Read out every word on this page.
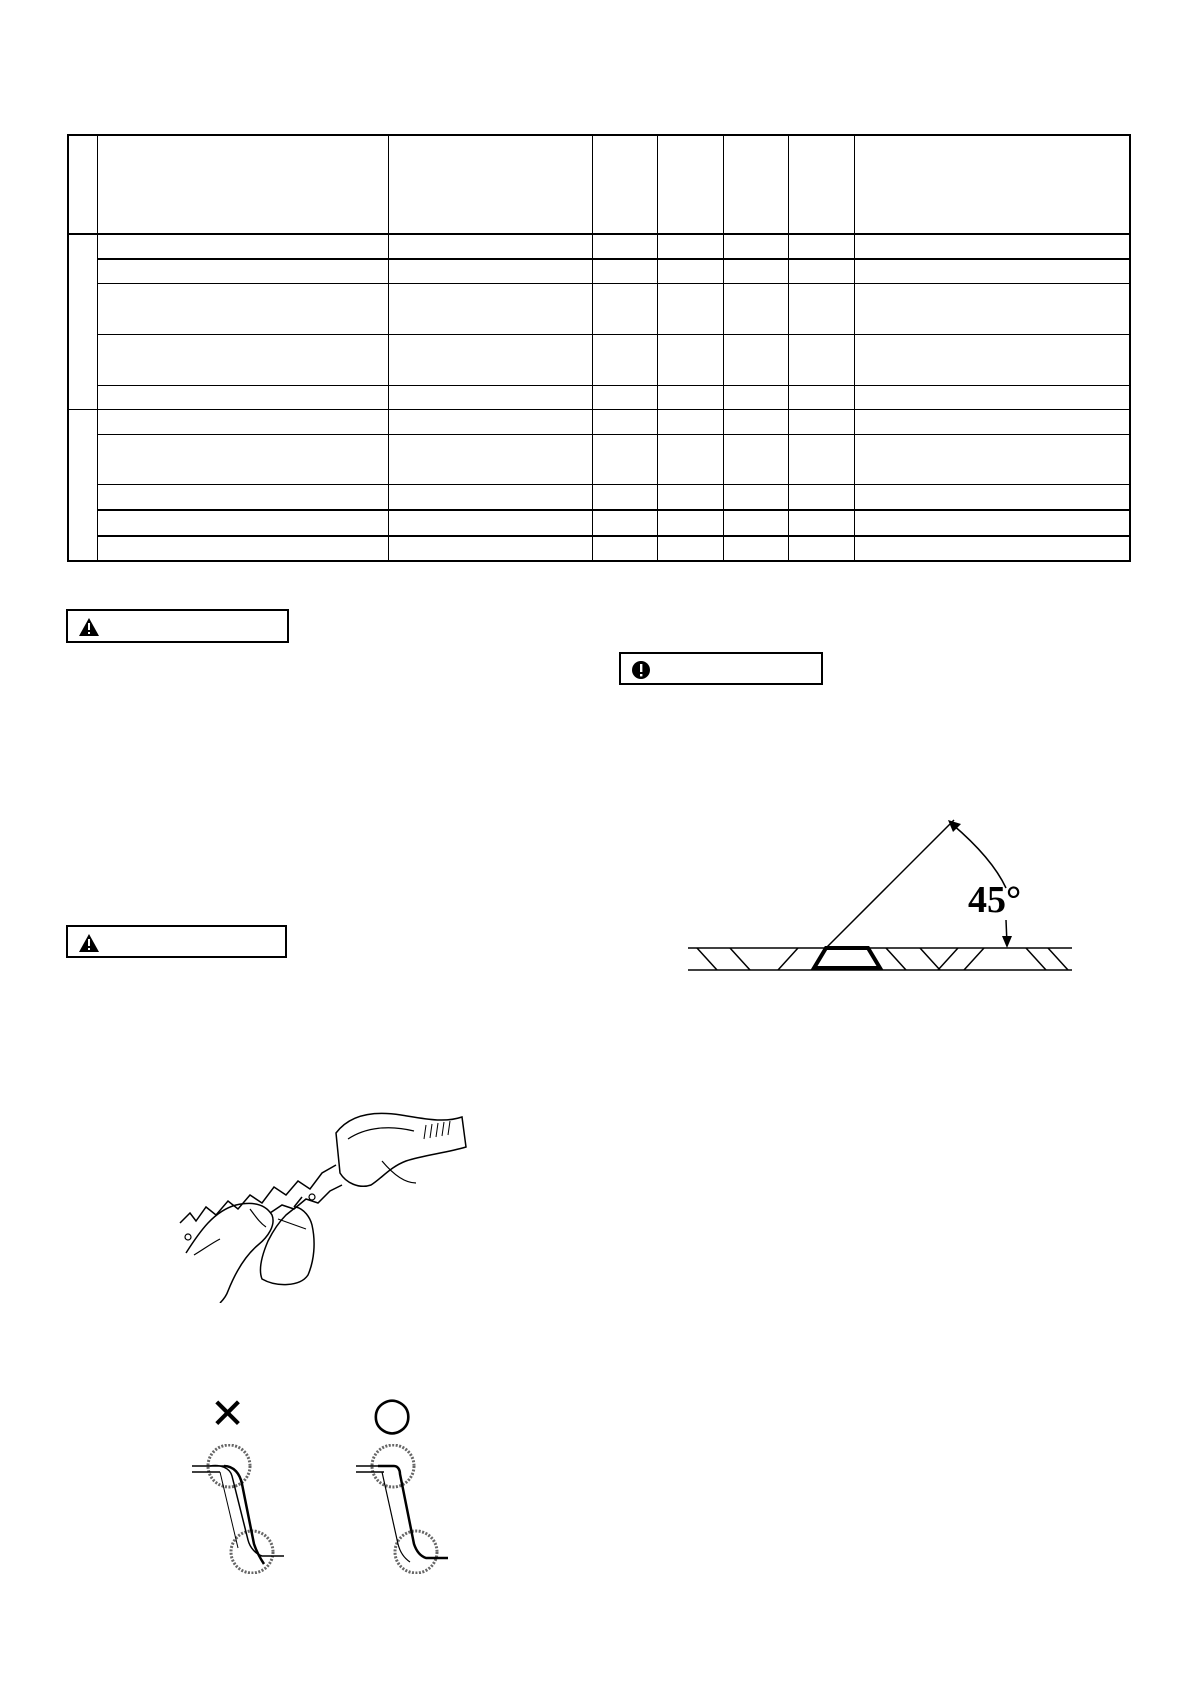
45°
✕	○
